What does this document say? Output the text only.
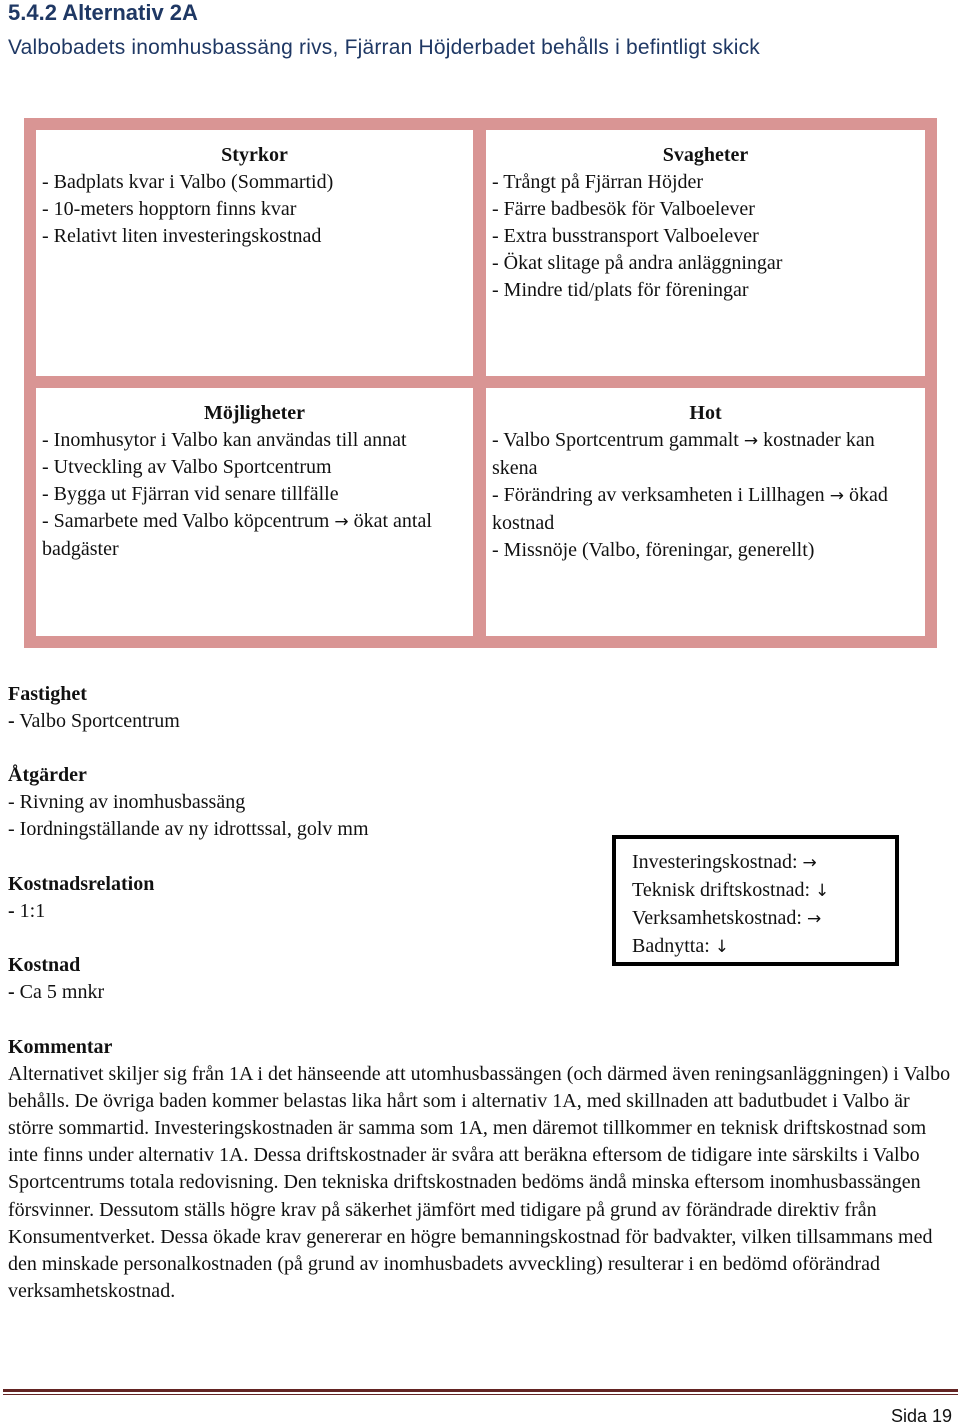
5.4.2 Alternativ 2A
Valbobadets inomhusbassäng rivs, Fjärran Höjderbadet behålls i befintligt skick
Styrkor
- Badplats kvar i Valbo (Sommartid)
- 10-meters hopptorn finns kvar
- Relativt liten investeringskostnad
Svagheter
- Trångt på Fjärran Höjder
- Färre badbesök för Valboelever
- Extra busstransport Valboelever
- Ökat slitage på andra anläggningar
- Mindre tid/plats för föreningar
Möjligheter
- Inomhusytor i Valbo kan användas till annat
- Utveckling av Valbo Sportcentrum
- Bygga ut Fjärran vid senare tillfälle
- Samarbete med Valbo köpcentrum → ökat antal badgäster
Hot
- Valbo Sportcentrum gammalt → kostnader kan skena
- Förändring av verksamheten i Lillhagen → ökad kostnad
- Missnöje (Valbo, föreningar, generellt)
Fastighet
- Valbo Sportcentrum
Åtgärder
- Rivning av inomhusbassäng
- Iordningställande av ny idrottssal, golv mm
Kostnadsrelation
- 1:1
Kostnad
- Ca 5 mnkr
Investeringskostnad: →
Teknisk driftskostnad: ↓
Verksamhetskostnad: →
Badnytta: ↓
Kommentar
Alternativet skiljer sig från 1A i det hänseende att utomhusbassängen (och därmed även reningsanläggningen) i Valbo behålls. De övriga baden kommer belastas lika hårt som i alternativ 1A, med skillnaden att badutbudet i Valbo är större sommartid. Investeringskostnaden är samma som 1A, men däremot tillkommer en teknisk driftskostnad som inte finns under alternativ 1A. Dessa driftskostnader är svåra att beräkna eftersom de tidigare inte särskilts i Valbo Sportcentrums totala redovisning. Den tekniska driftskostnaden bedöms ändå minska eftersom inomhusbassängen försvinner. Dessutom ställs högre krav på säkerhet jämfört med tidigare på grund av förändrade direktiv från Konsumentverket. Dessa ökade krav genererar en högre bemanningskostnad för badvakter, vilken tillsammans med den minskade personalkostnaden (på grund av inomhusbadets avveckling) resulterar i en bedömd oförändrad verksamhetskostnad.
Sida 19
